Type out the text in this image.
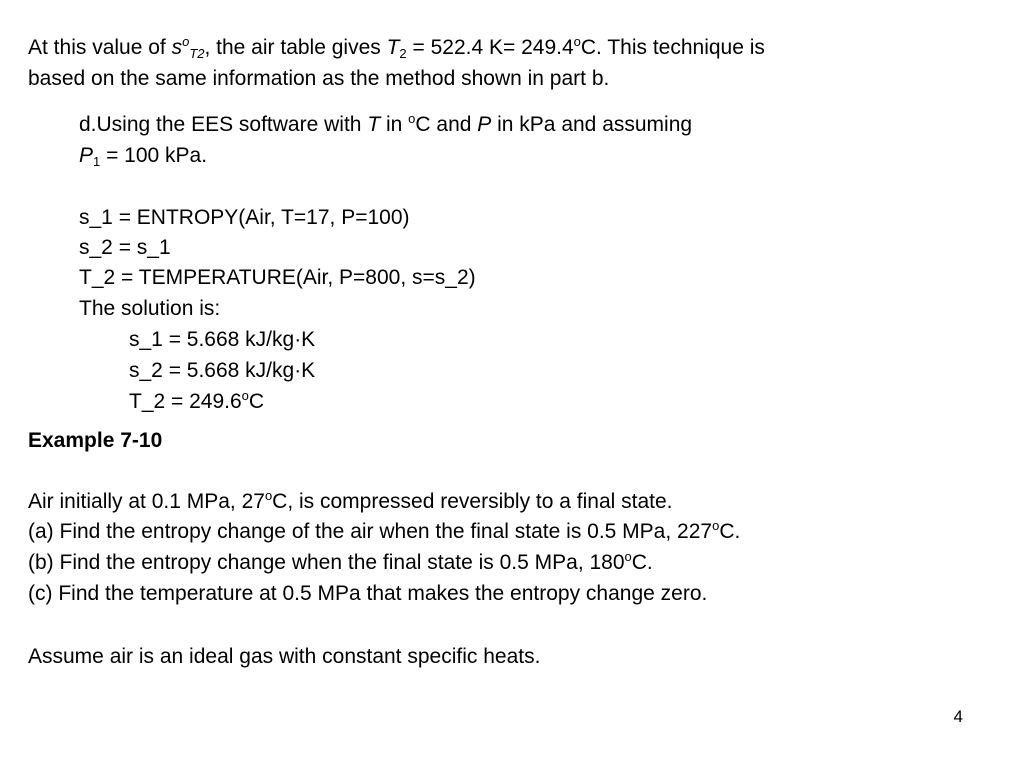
At this value of $s^o_{T2}$, the air table gives $T_2 = 522.4$ $K= 249.4^oC$. This technique is
based on the same information as the method shown in part b.
d.Using the EES software with T in $^o$C and P in kPa and assuming
$P_1 = 100$ kPa.
s_1 = ENTROPY(Air, T=17, P=100)
s_2 = s_1
T_2 = TEMPERATURE(Air, P=800, s=s_2)
The solution is:
s_1 = 5.668 kJ/kg·K
s_2 = 5.668 kJ/kg·K
T_2 = $249.6^oC$
Example 7-10
Air initially at 0.1 MPa, 27$^o$C, is compressed reversibly to a final state.
(a) Find the entropy change of the air when the final state is 0.5 MPa, 227$^o$C.
(b) Find the entropy change when the final state is 0.5 MPa, 180$^o$C.
(c) Find the temperature at 0.5 MPa that makes the entropy change zero.
Assume air is an ideal gas with constant specific heats.
4
